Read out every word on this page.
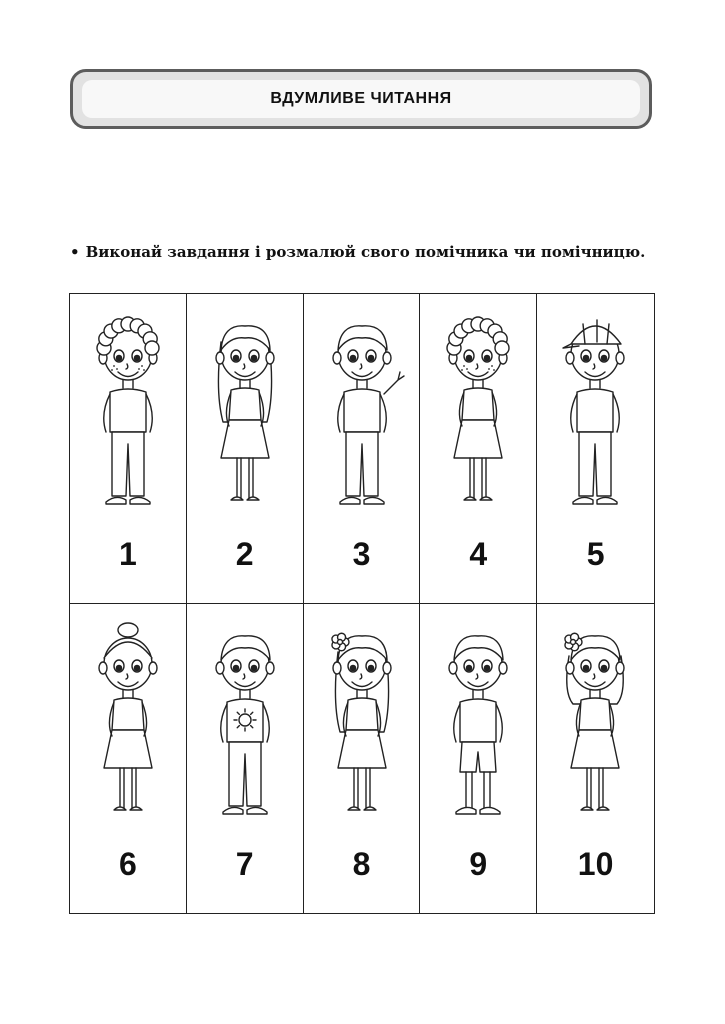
ВДУМЛИВЕ ЧИТАННЯ
• Виконай завдання і розмалюй свого помічника чи помічницю.
1	2	3	4	5
6	7	8	9	10
